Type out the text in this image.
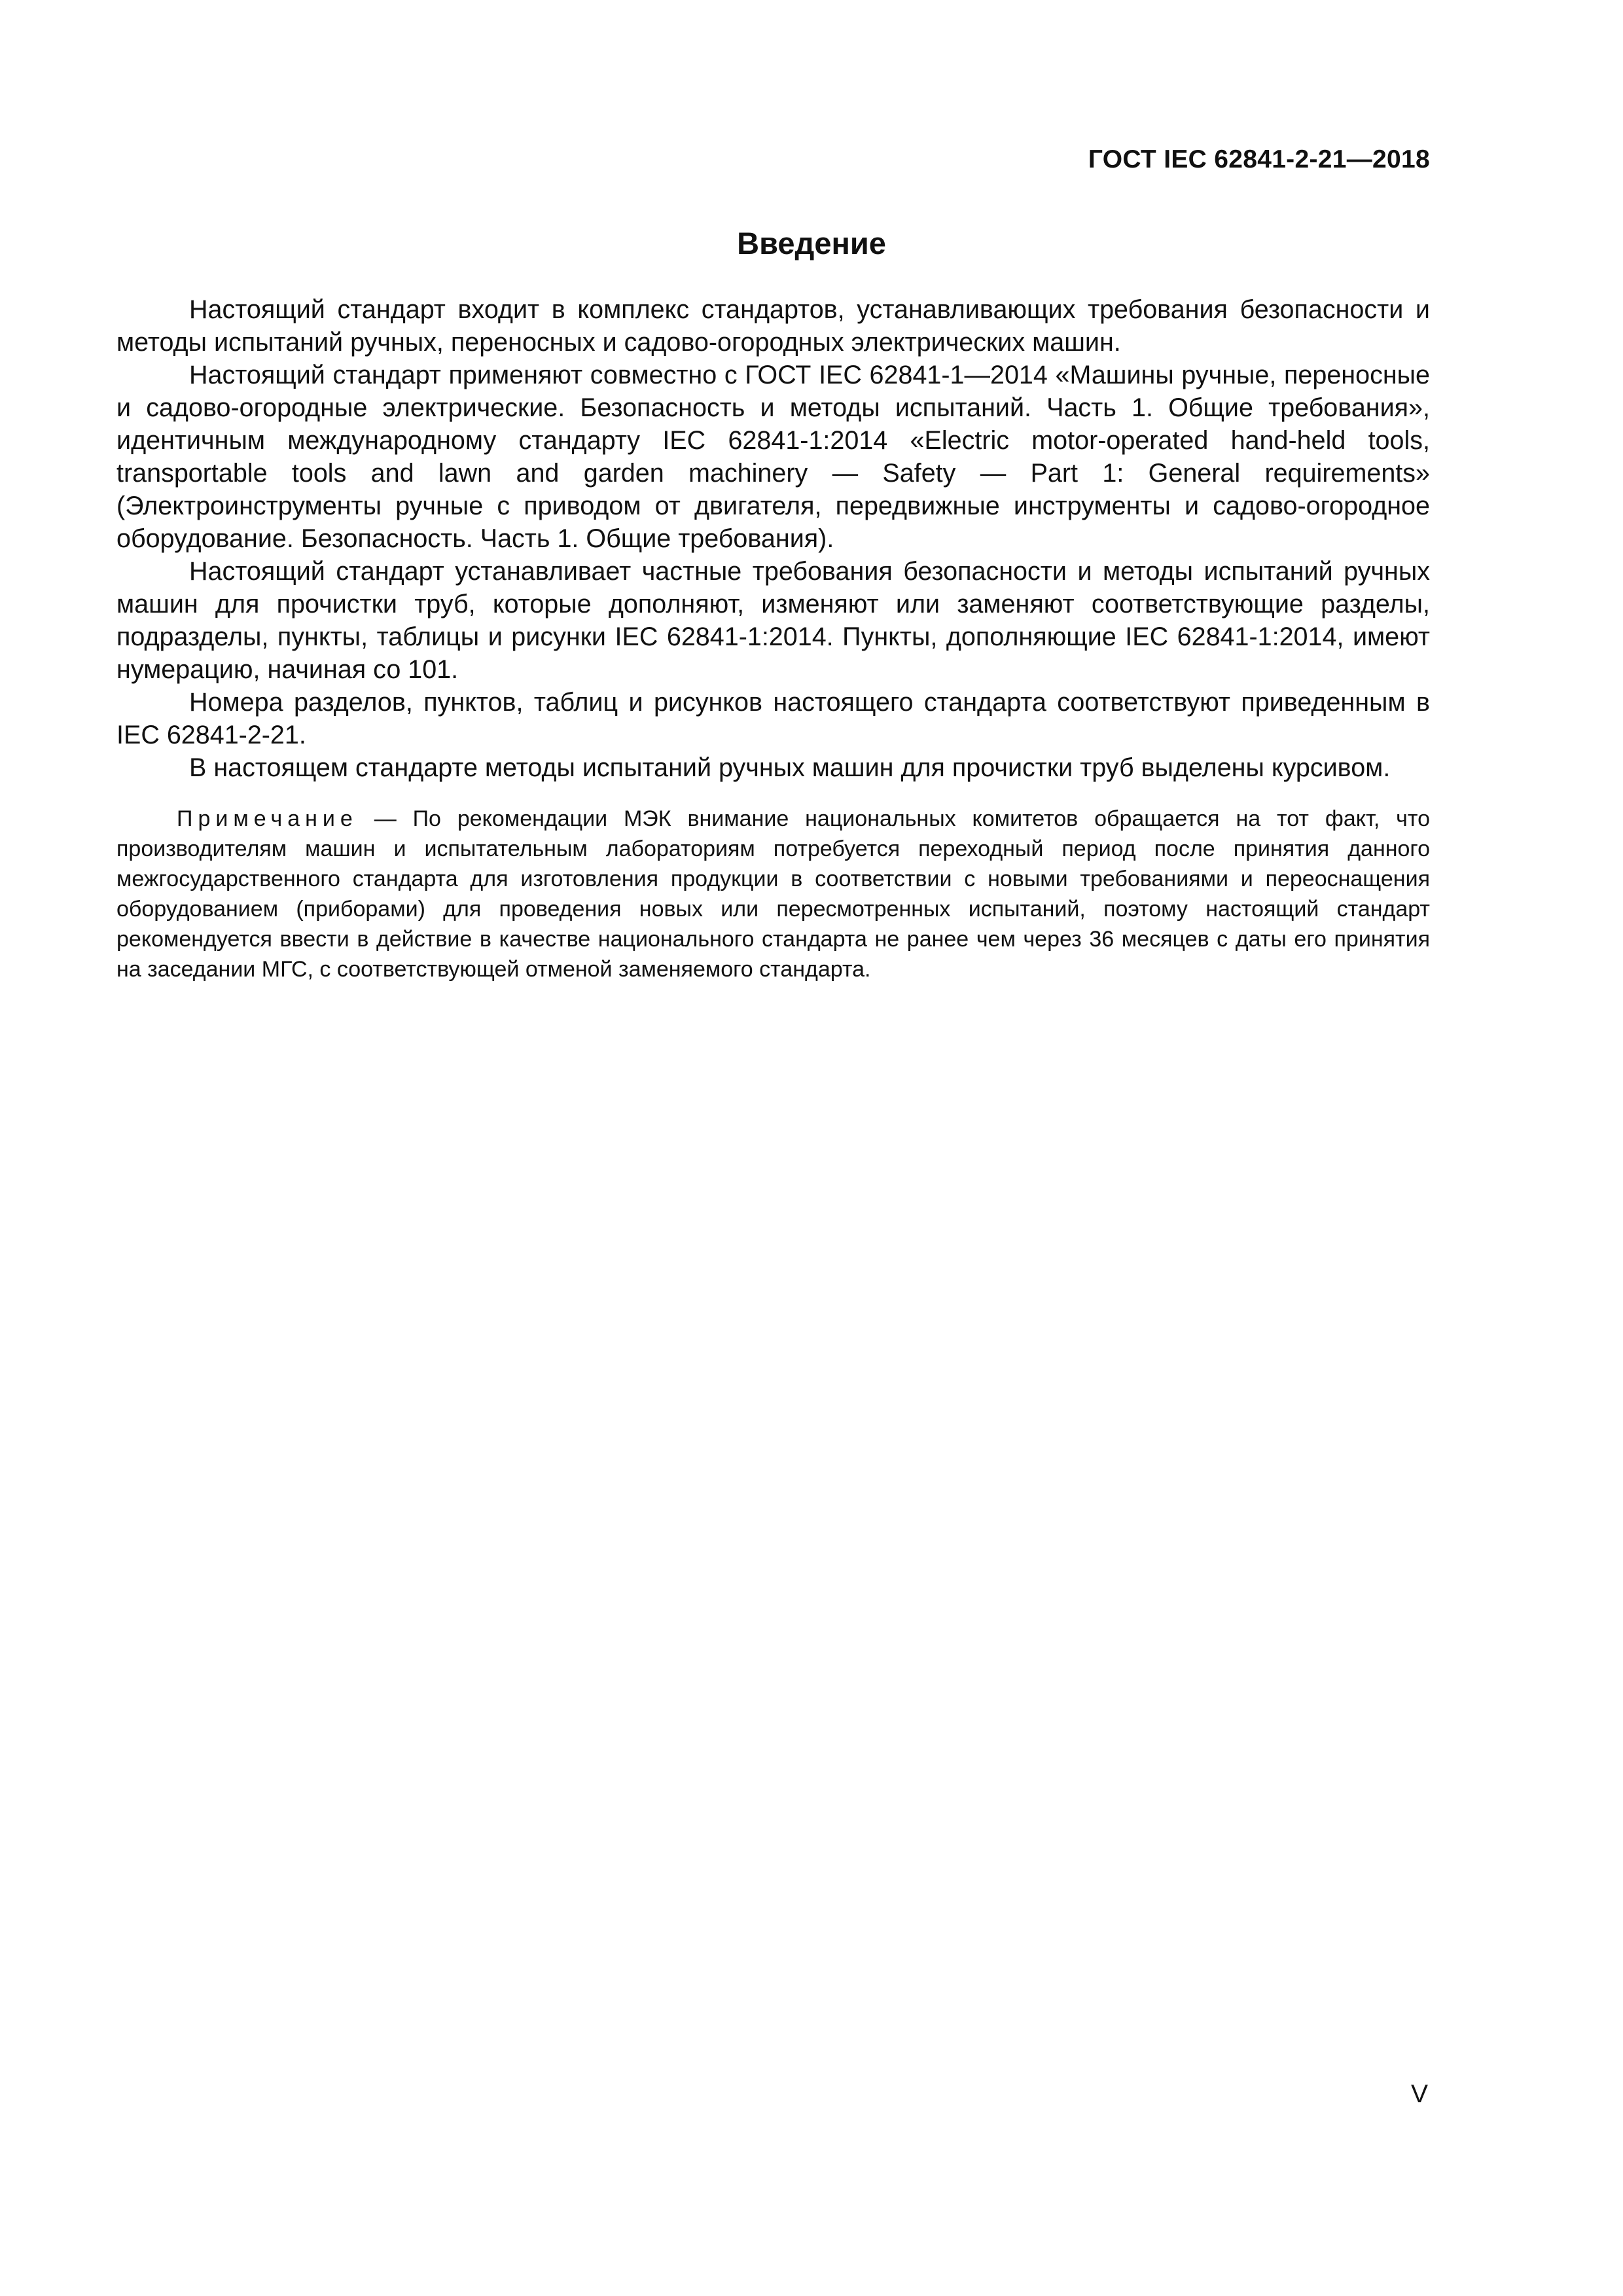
ГОСТ IEC 62841-2-21—2018
Введение

Настоящий стандарт входит в комплекс стандартов, устанавливающих требования безопасности и методы испытаний ручных, переносных и садово-огородных электрических машин.

Настоящий стандарт применяют совместно с ГОСТ IEC 62841-1—2014 «Машины ручные, переносные и садово-огородные электрические. Безопасность и методы испытаний. Часть 1. Общие требования», идентичным международному стандарту IEC 62841-1:2014 «Electric motor-operated hand-held tools, transportable tools and lawn and garden machinery — Safety — Part 1: General requirements» (Электроинструменты ручные с приводом от двигателя, передвижные инструменты и садово-огородное оборудование. Безопасность. Часть 1. Общие требования).

Настоящий стандарт устанавливает частные требования безопасности и методы испытаний ручных машин для прочистки труб, которые дополняют, изменяют или заменяют соответствующие разделы, подразделы, пункты, таблицы и рисунки IEC 62841-1:2014. Пункты, дополняющие IEC 62841-1:2014, имеют нумерацию, начиная со 101.

Номера разделов, пунктов, таблиц и рисунков настоящего стандарта соответствуют приведенным в IEC 62841-2-21.

В настоящем стандарте методы испытаний ручных машин для прочистки труб выделены курсивом.

Примечание — По рекомендации МЭК внимание национальных комитетов обращается на тот факт, что производителям машин и испытательным лабораториям потребуется переходный период после принятия данного межгосударственного стандарта для изготовления продукции в соответствии с новыми требованиями и переоснащения оборудованием (приборами) для проведения новых или пересмотренных испытаний, поэтому настоящий стандарт рекомендуется ввести в действие в качестве национального стандарта не ранее чем через 36 месяцев с даты его принятия на заседании МГС, с соответствующей отменой заменяемого стандарта.

V
